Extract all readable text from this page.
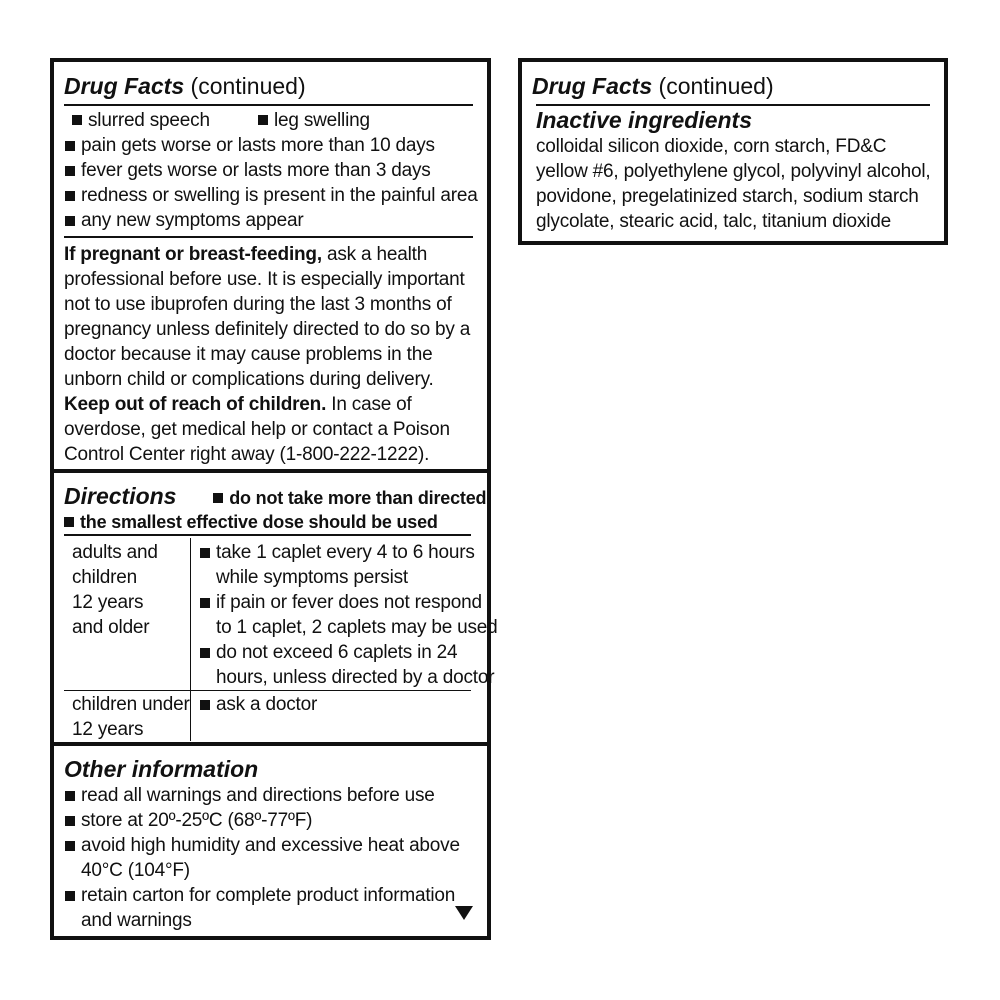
Drug Facts (continued)
slurred speech	leg swelling
pain gets worse or lasts more than 10 days
fever gets worse or lasts more than 3 days
redness or swelling is present in the painful area
any new symptoms appear
If pregnant or breast-feeding, ask a health
professional before use. It is especially important
not to use ibuprofen during the last 3 months of
pregnancy unless definitely directed to do so by a
doctor because it may cause problems in the
unborn child or complications during delivery.
Keep out of reach of children. In case of
overdose, get medical help or contact a Poison
Control Center right away (1-800-222-1222).
Directions	do not take more than directed
the smallest effective dose should be used
adults and
children
12 years
and older
take 1 caplet every 4 to 6 hours
while symptoms persist
if pain or fever does not respond
to 1 caplet, 2 caplets may be used
do not exceed 6 caplets in 24
hours, unless directed by a doctor
children under
12 years
ask a doctor
Other information
read all warnings and directions before use
store at 20º-25ºC (68º-77ºF)
avoid high humidity and excessive heat above
40°C (104°F)
retain carton for complete product information
and warnings
Drug Facts (continued)
Inactive ingredients
colloidal silicon dioxide, corn starch, FD&C
yellow #6, polyethylene glycol, polyvinyl alcohol,
povidone, pregelatinized starch, sodium starch
glycolate, stearic acid, talc, titanium dioxide
